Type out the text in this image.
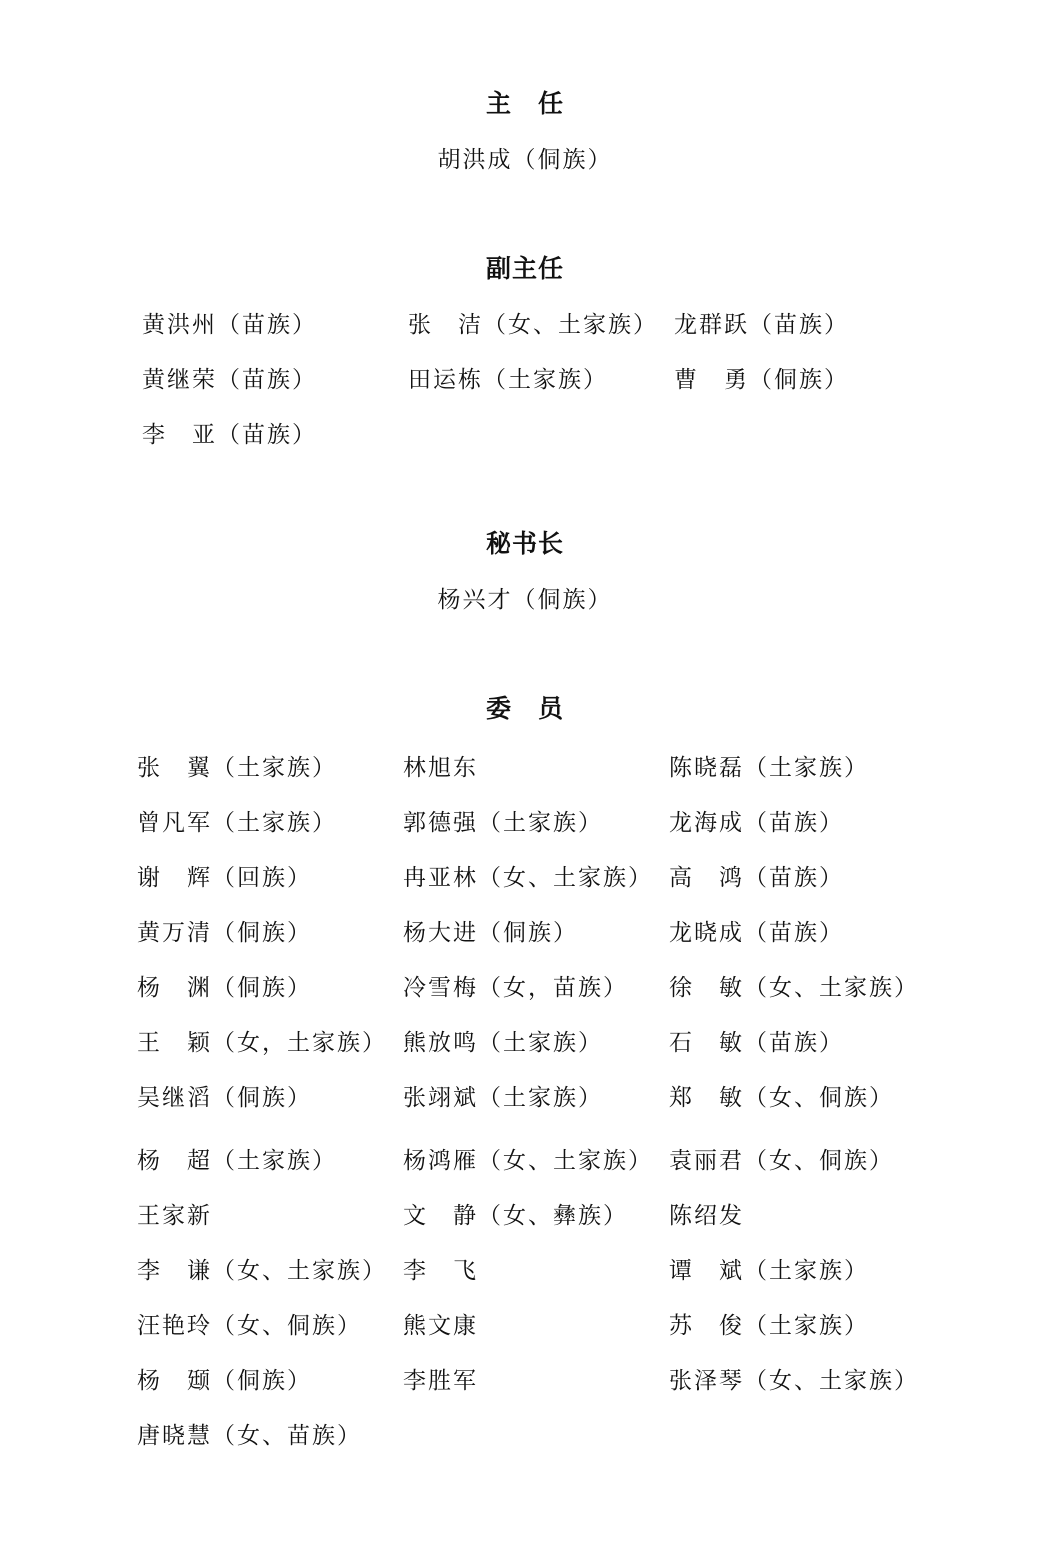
主　任
胡洪成（侗族）
副主任
黄洪州（苗族）	张　洁（女、土家族） 龙群跃（苗族）
黄继荣（苗族）	田运栋（土家族）	曹　勇（侗族）
李　亚（苗族）
秘书长
杨兴才（侗族）
委　员
张　翼（土家族）	林旭东	陈晓磊（土家族）
曾凡军（土家族）	郭德强（土家族）	龙海成（苗族）
谢　辉（回族）	冉亚林（女、土家族） 高　鸿（苗族）
黄万清（侗族）	杨大进（侗族）	龙晓成（苗族）
杨　渊（侗族）	冷雪梅（女，苗族） 徐　敏（女、土家族）
王　颖（女，土家族） 熊放鸣（土家族）	石　敏（苗族）
吴继滔（侗族）	张翊斌（土家族）	郑　敏（女、侗族）
杨　超（土家族）	杨鸿雁（女、土家族） 袁丽君（女、侗族）
王家新	文　静（女、彝族） 陈绍发
李　谦（女、土家族） 李　飞	谭　斌（土家族）
汪艳玲（女、侗族） 熊文康	苏　俊（土家族）
杨　颋（侗族）	李胜军	张泽琴（女、土家族）
唐晓慧（女、苗族）
